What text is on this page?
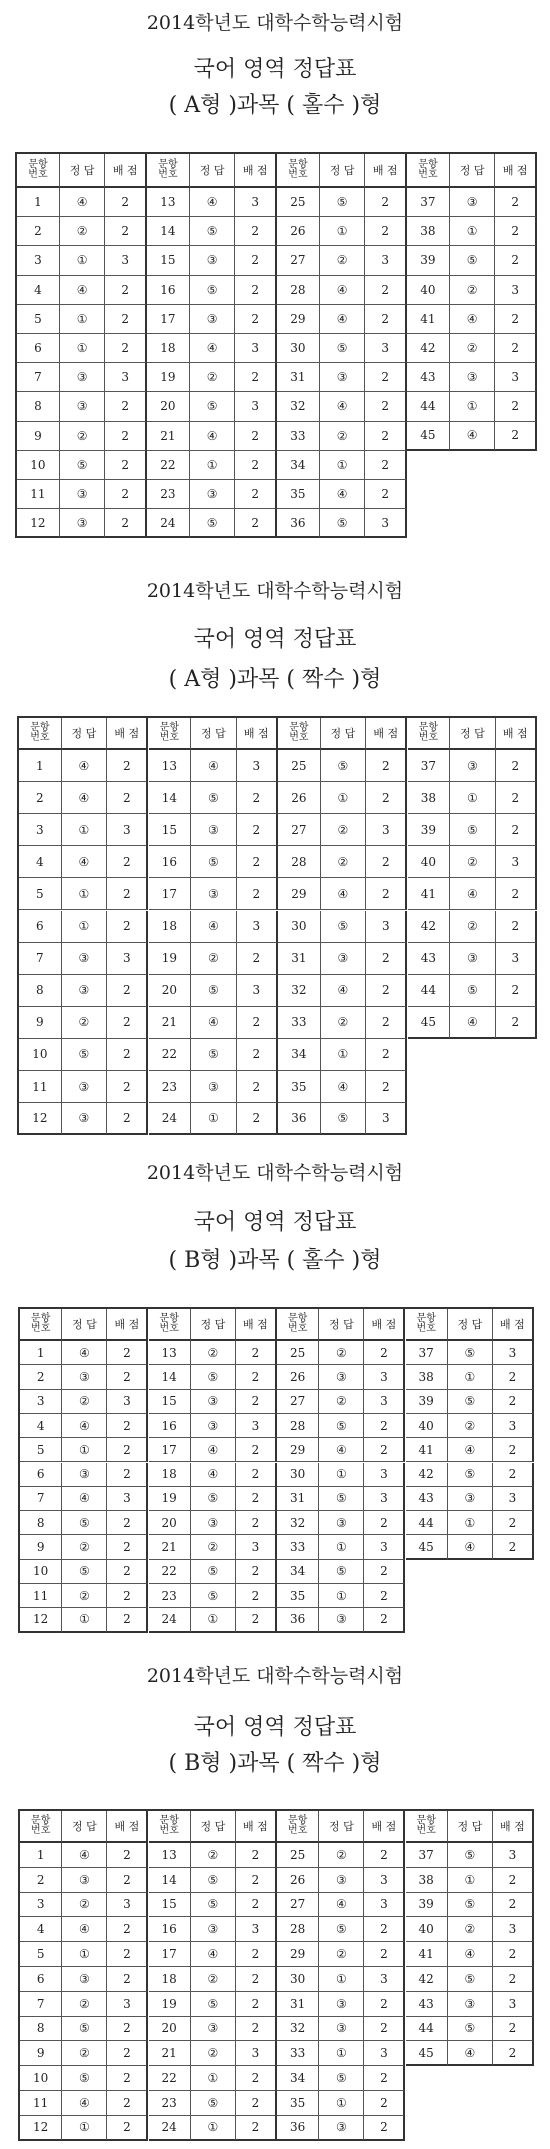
2014학년도 대학수학능력시험
국어 영역 정답표
( A형 )과목 ( 홀수 )형
문항
번호	정 답	배 점
1	④	2
2	②	2
3	①	3
4	④	2
5	①	2
6	①	2
7	③	3
8	③	2
9	②	2
10	⑤	2
11	③	2
12	③	2
문항
번호	정 답	배 점
13	④	3
14	⑤	2
15	③	2
16	⑤	2
17	③	2
18	④	3
19	②	2
20	⑤	3
21	④	2
22	①	2
23	③	2
24	⑤	2
문항
번호	정 답	배 점
25	⑤	2
26	①	2
27	②	3
28	④	2
29	④	2
30	⑤	3
31	③	2
32	④	2
33	②	2
34	①	2
35	④	2
36	⑤	3
문항
번호	정 답	배 점
37	③	2
38	①	2
39	⑤	2
40	②	3
41	④	2
42	②	2
43	③	3
44	①	2
45	④	2
2014학년도 대학수학능력시험
국어 영역 정답표
( A형 )과목 ( 짝수 )형
문항
번호	정 답	배 점
1	④	2
2	④	2
3	①	3
4	④	2
5	①	2
6	①	2
7	③	3
8	③	2
9	②	2
10	⑤	2
11	③	2
12	③	2
문항
번호	정 답	배 점
13	④	3
14	⑤	2
15	③	2
16	⑤	2
17	③	2
18	④	3
19	②	2
20	⑤	3
21	④	2
22	⑤	2
23	③	2
24	①	2
문항
번호	정 답	배 점
25	⑤	2
26	①	2
27	②	3
28	②	2
29	④	2
30	⑤	3
31	③	2
32	④	2
33	②	2
34	①	2
35	④	2
36	⑤	3
문항
번호	정 답	배 점
37	③	2
38	①	2
39	⑤	2
40	②	3
41	④	2
42	②	2
43	③	3
44	⑤	2
45	④	2
2014학년도 대학수학능력시험
국어 영역 정답표
( B형 )과목 ( 홀수 )형
문항
번호	정 답	배 점
1	④	2
2	③	2
3	②	3
4	④	2
5	①	2
6	③	2
7	④	3
8	⑤	2
9	②	2
10	⑤	2
11	②	2
12	①	2
문항
번호	정 답	배 점
13	②	2
14	⑤	2
15	③	2
16	③	3
17	④	2
18	④	2
19	⑤	2
20	③	2
21	②	3
22	⑤	2
23	⑤	2
24	①	2
문항
번호	정 답	배 점
25	②	2
26	③	3
27	②	3
28	⑤	2
29	④	2
30	①	3
31	⑤	3
32	③	2
33	①	3
34	⑤	2
35	①	2
36	③	2
문항
번호	정 답	배 점
37	⑤	3
38	①	2
39	⑤	2
40	②	3
41	④	2
42	⑤	2
43	③	3
44	①	2
45	④	2
2014학년도 대학수학능력시험
국어 영역 정답표
( B형 )과목 ( 짝수 )형
문항
번호	정 답	배 점
1	④	2
2	③	2
3	②	3
4	④	2
5	①	2
6	③	2
7	②	3
8	⑤	2
9	②	2
10	⑤	2
11	④	2
12	①	2
문항
번호	정 답	배 점
13	②	2
14	⑤	2
15	⑤	2
16	③	3
17	④	2
18	②	2
19	⑤	2
20	③	2
21	②	3
22	①	2
23	⑤	2
24	①	2
문항
번호	정 답	배 점
25	②	2
26	③	3
27	④	3
28	⑤	2
29	②	2
30	①	3
31	③	2
32	③	2
33	①	3
34	⑤	2
35	①	2
36	③	2
문항
번호	정 답	배 점
37	⑤	3
38	①	2
39	⑤	2
40	②	3
41	④	2
42	⑤	2
43	③	3
44	⑤	2
45	④	2
